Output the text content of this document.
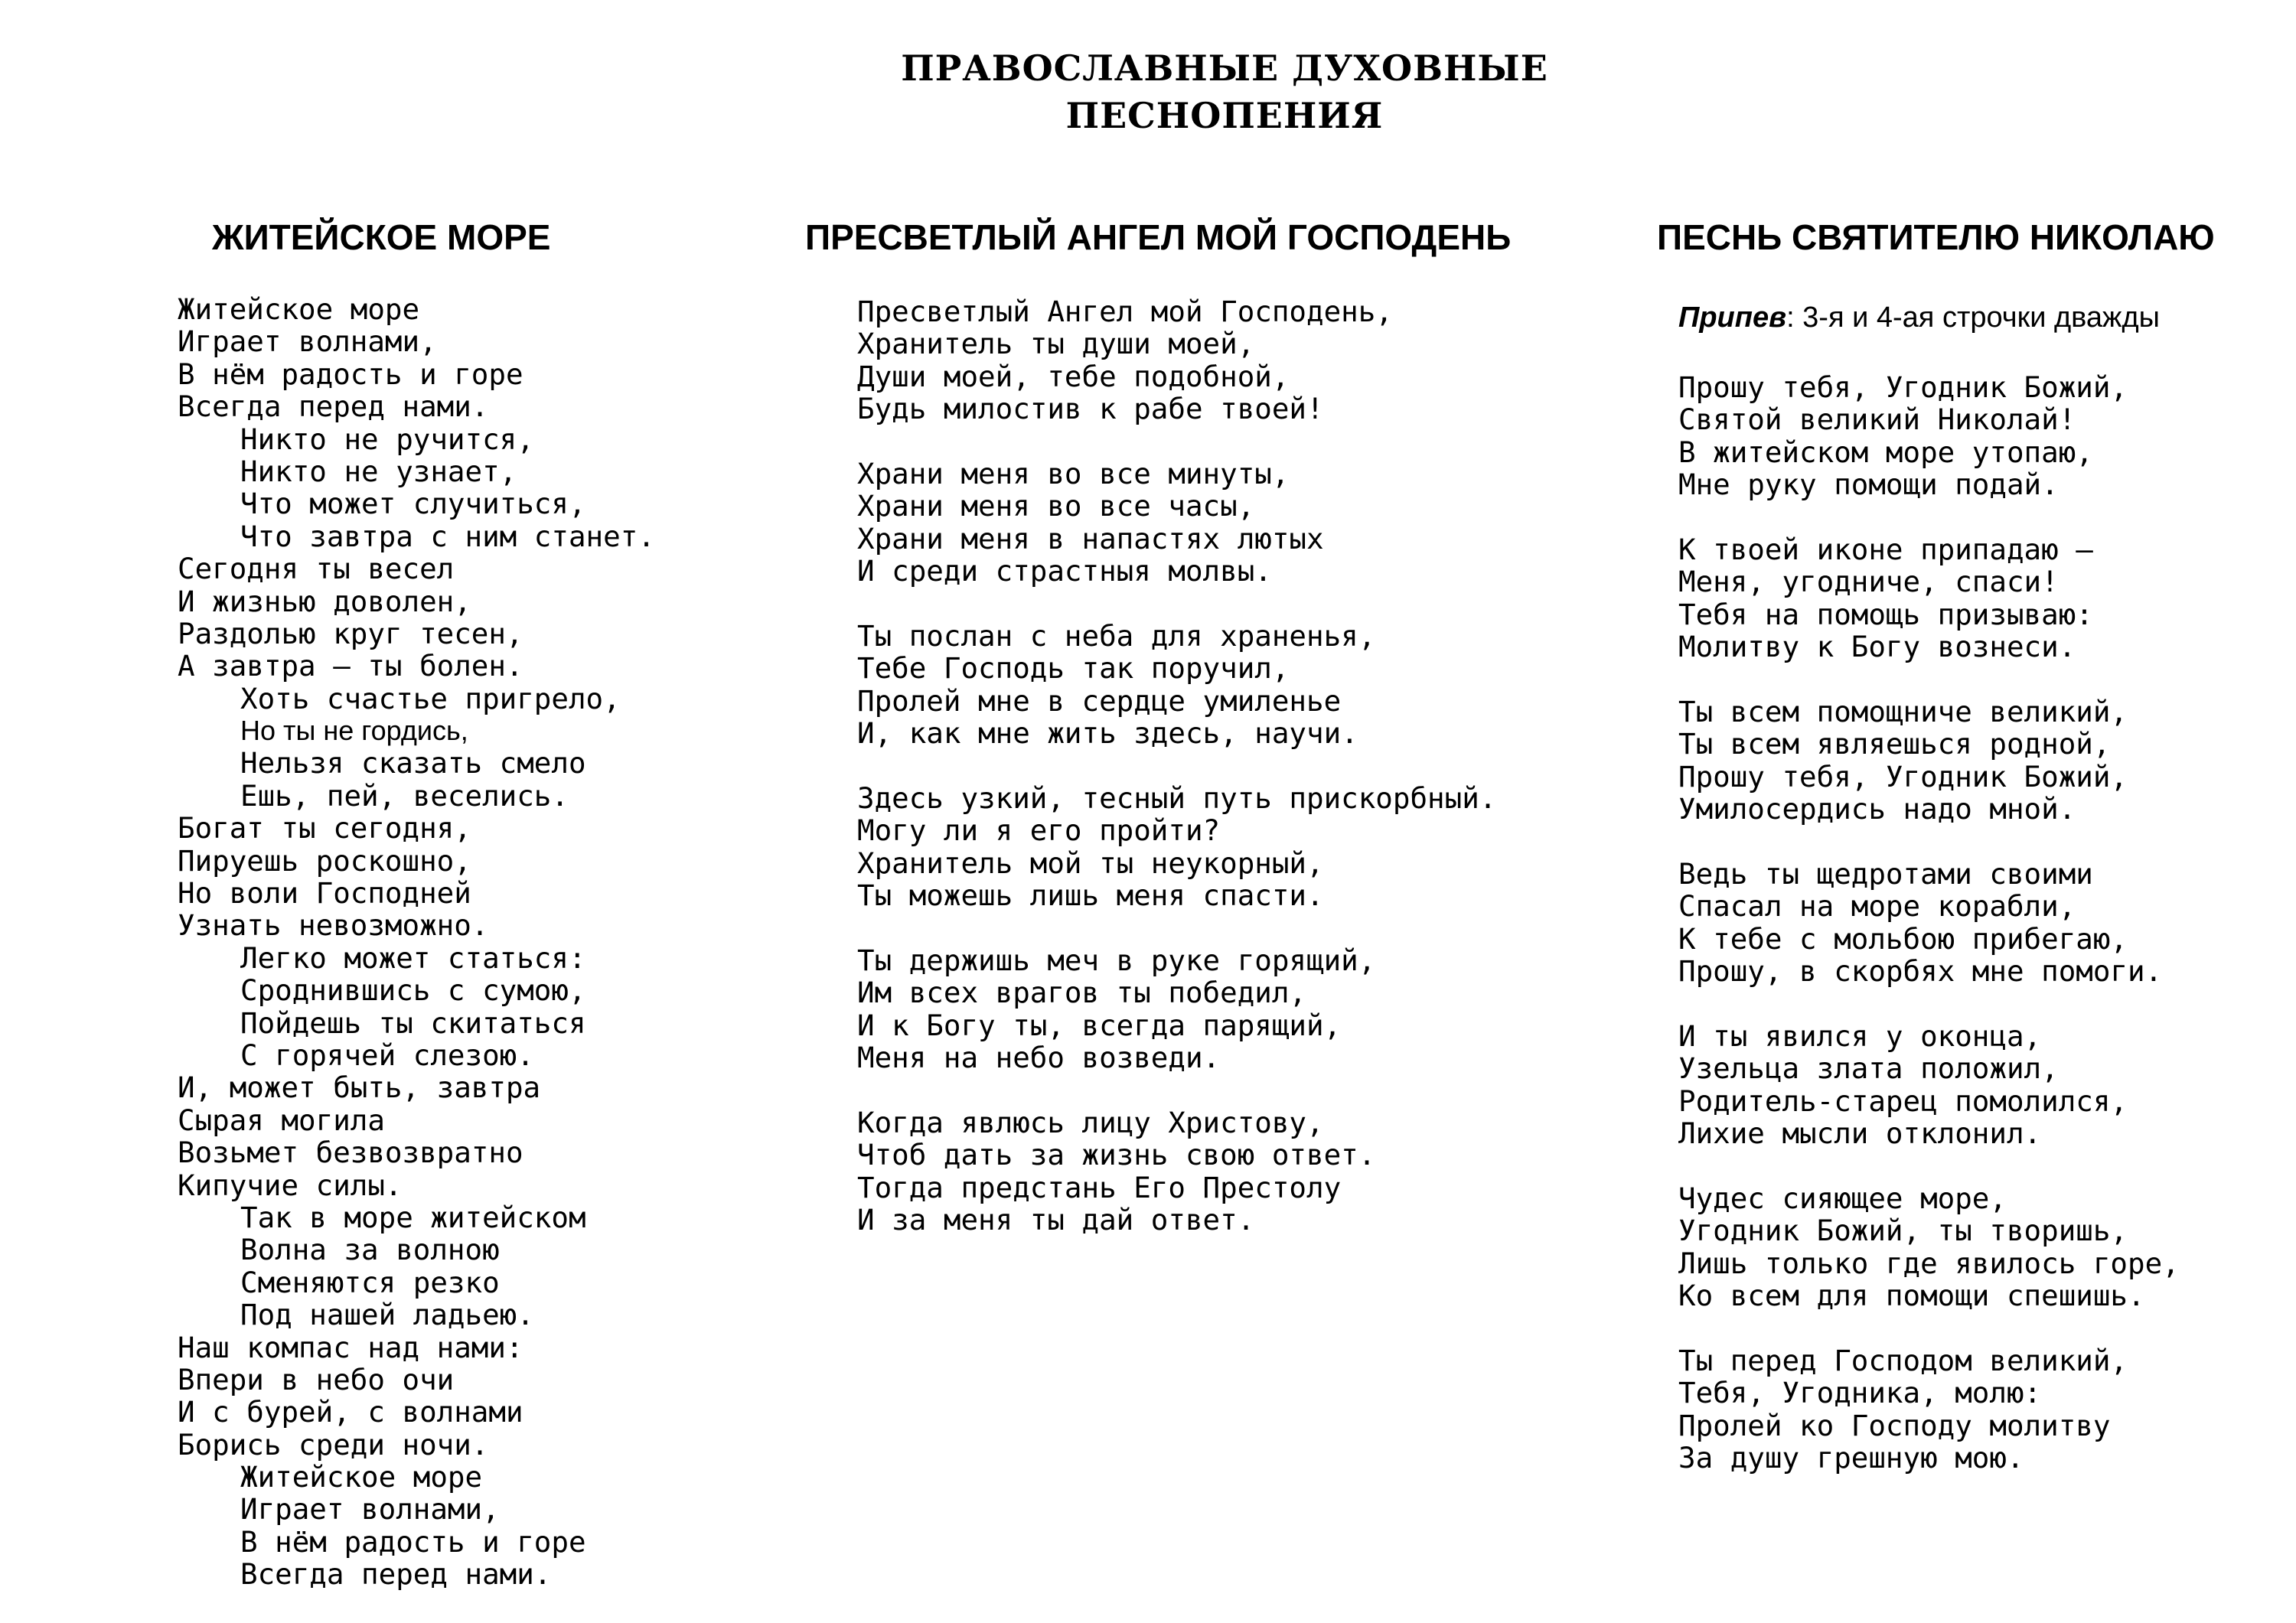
ПРАВОСЛАВНЫЕ ДУХОВНЫЕ
ПЕСНОПЕНИЯ
ЖИТЕЙСКОЕ МОРЕ	ПРЕСВЕТЛЫЙ АНГЕЛ МОЙ ГОСПОДЕНЬ	ПЕСНЬ СВЯТИТЕЛЮ НИКОЛАЮ
Припев: 3-я и 4-ая строчки дважды
Житейское море
Играет волнами,
В нём радость и горе
Всегда перед нами.
Никто не ручится,
Никто не узнает,
Что может случиться,
Что завтра с ним станет.
Сегодня ты весел
И жизнью доволен,
Раздолью круг тесен,
А завтра – ты болен.
Хоть счастье пригрело,
Но ты не гордись,
Нельзя сказать смело
Ешь, пей, веселись.
Богат ты сегодня,
Пируешь роскошно,
Но воли Господней
Узнать невозможно.
Легко может статься:
Сроднившись с сумою,
Пойдешь ты скитаться
С горячей слезою.
И, может быть, завтра
Сырая могила
Возьмет безвозвратно
Кипучие силы.
Так в море житейском
Волна за волною
Сменяются резко
Под нашей ладьею.
Наш компас над нами:
Впери в небо очи
И с бурей, с волнами
Борись среди ночи.
Житейское море
Играет волнами,
В нём радость и горе
Всегда перед нами.
Пресветлый Ангел мой Господень,
Хранитель ты души моей,
Души моей, тебе подобной,
Будь милостив к рабе твоей!
Храни меня во все минуты,
Храни меня во все часы,
Храни меня в напастях лютых
И среди страстныя молвы.
Ты послан с неба для храненья,
Тебе Господь так поручил,
Пролей мне в сердце умиленье
И, как мне жить здесь, научи.
Здесь узкий, тесный путь прискорбный.
Могу ли я его пройти?
Хранитель мой ты неукорный,
Ты можешь лишь меня спасти.
Ты держишь меч в руке горящий,
Им всех врагов ты победил,
И к Богу ты, всегда парящий,
Меня на небо возведи.
Когда явлюсь лицу Христову,
Чтоб дать за жизнь свою ответ.
Тогда предстань Его Престолу
И за меня ты дай ответ.
Прошу тебя, Угодник Божий,
Святой великий Николай!
В житейском море утопаю,
Мне руку помощи подай.
К твоей иконе припадаю –
Меня, угодниче, спаси!
Тебя на помощь призываю:
Молитву к Богу вознеси.
Ты всем помощниче великий,
Ты всем являешься родной,
Прошу тебя, Угодник Божий,
Умилосердись надо мной.
Ведь ты щедротами своими
Спасал на море корабли,
К тебе с мольбою прибегаю,
Прошу, в скорбях мне помоги.
И ты явился у оконца,
Узельца злата положил,
Родитель-старец помолился,
Лихие мысли отклонил.
Чудес сияющее море,
Угодник Божий, ты творишь,
Лишь только где явилось горе,
Ко всем для помощи спешишь.
Ты перед Господом великий,
Тебя, Угодника, молю:
Пролей ко Господу молитву
За душу грешную мою.
